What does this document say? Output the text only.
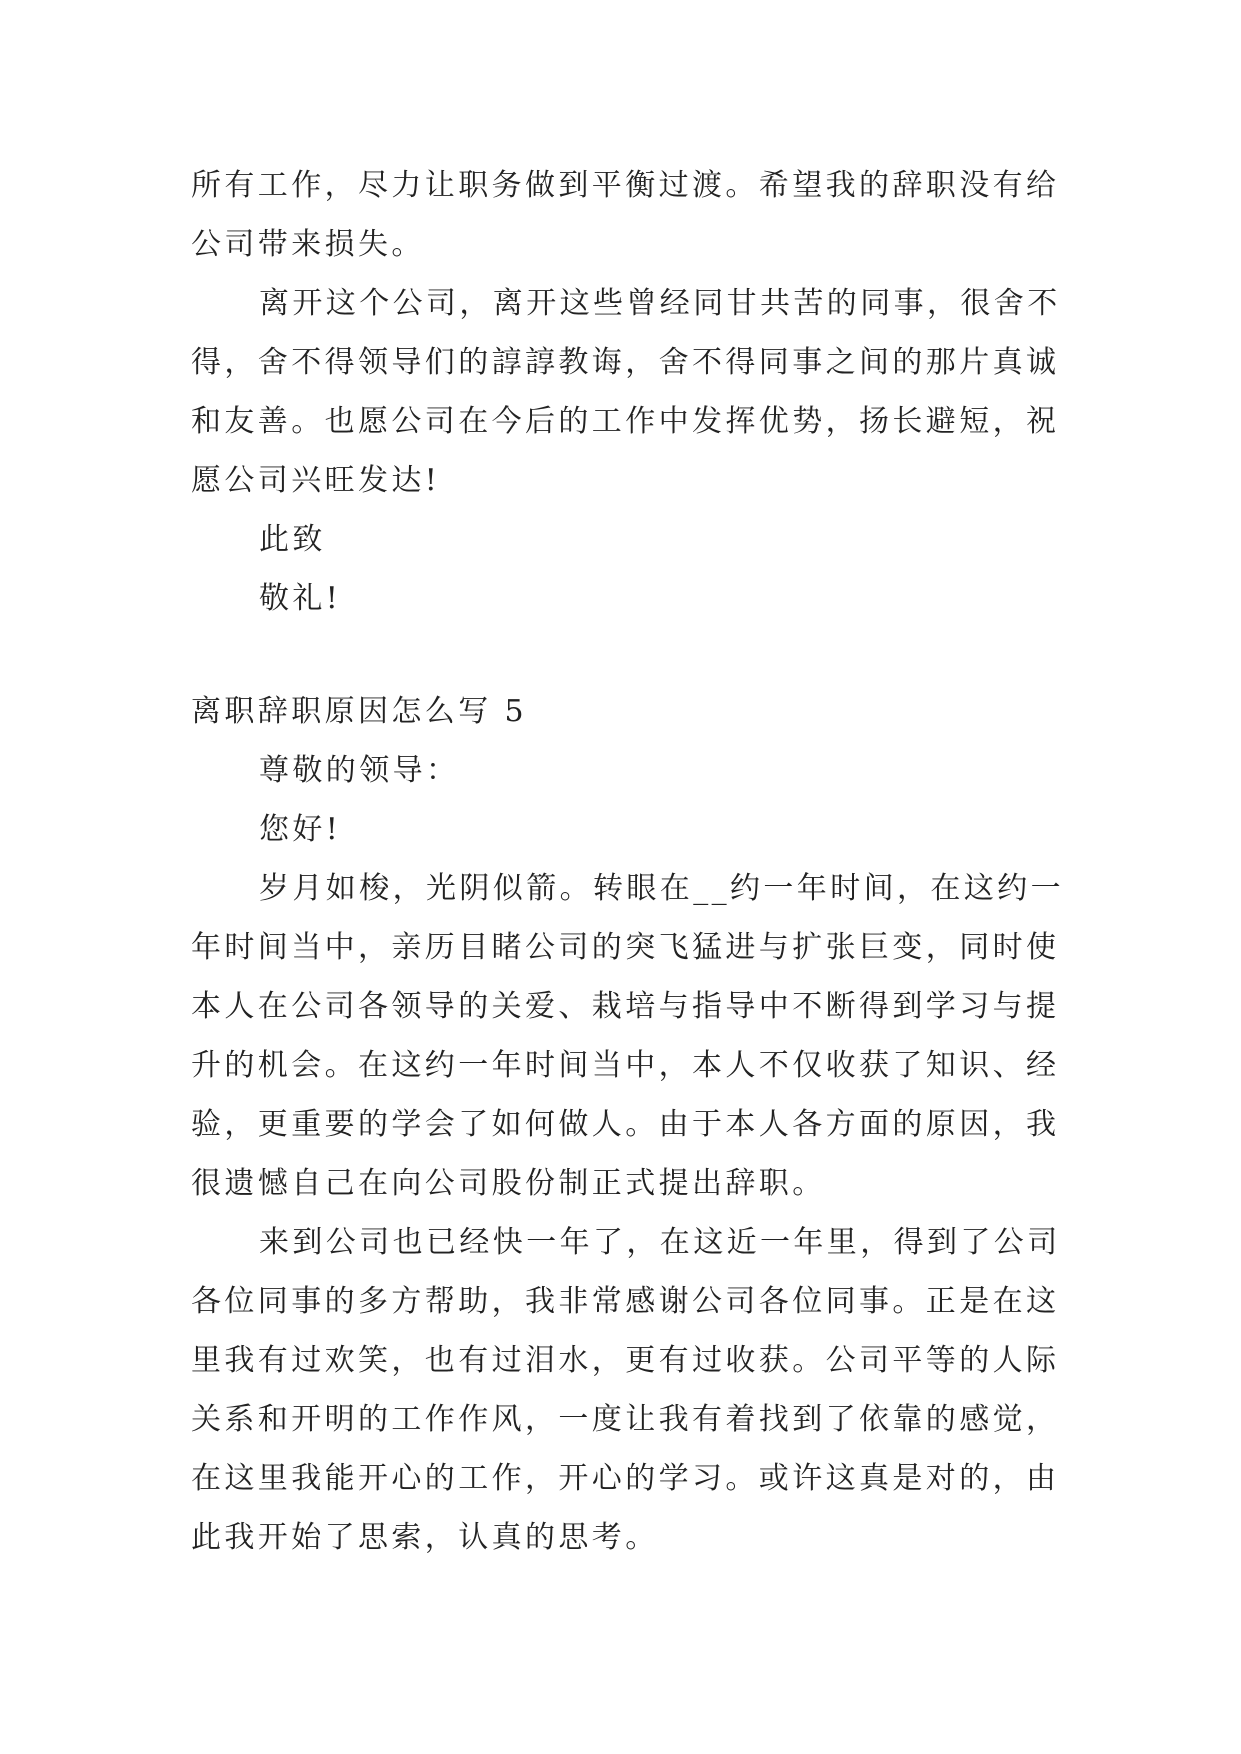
所有工作，尽力让职务做到平衡过渡。希望我的辞职没有给
公司带来损失。
离开这个公司，离开这些曾经同甘共苦的同事，很舍不
得，舍不得领导们的諄諄教诲，舍不得同事之间的那片真诚
和友善。也愿公司在今后的工作中发挥优势，扬长避短，祝
愿公司兴旺发达!
此致
敬礼!
离职辞职原因怎么写 5
尊敬的领导：
您好!
岁月如梭，光阴似箭。转眼在__约一年时间，在这约一
年时间当中，亲历目睹公司的突飞猛进与扩张巨变，同时使
本人在公司各领导的关爱、栽培与指导中不断得到学习与提
升的机会。在这约一年时间当中，本人不仅收获了知识、经
验，更重要的学会了如何做人。由于本人各方面的原因，我
很遗憾自己在向公司股份制正式提出辞职。
来到公司也已经快一年了，在这近一年里，得到了公司
各位同事的多方帮助，我非常感谢公司各位同事。正是在这
里我有过欢笑，也有过泪水，更有过收获。公司平等的人际
关系和开明的工作作风，一度让我有着找到了依靠的感觉，
在这里我能开心的工作，开心的学习。或许这真是对的，由
此我开始了思索，认真的思考。
